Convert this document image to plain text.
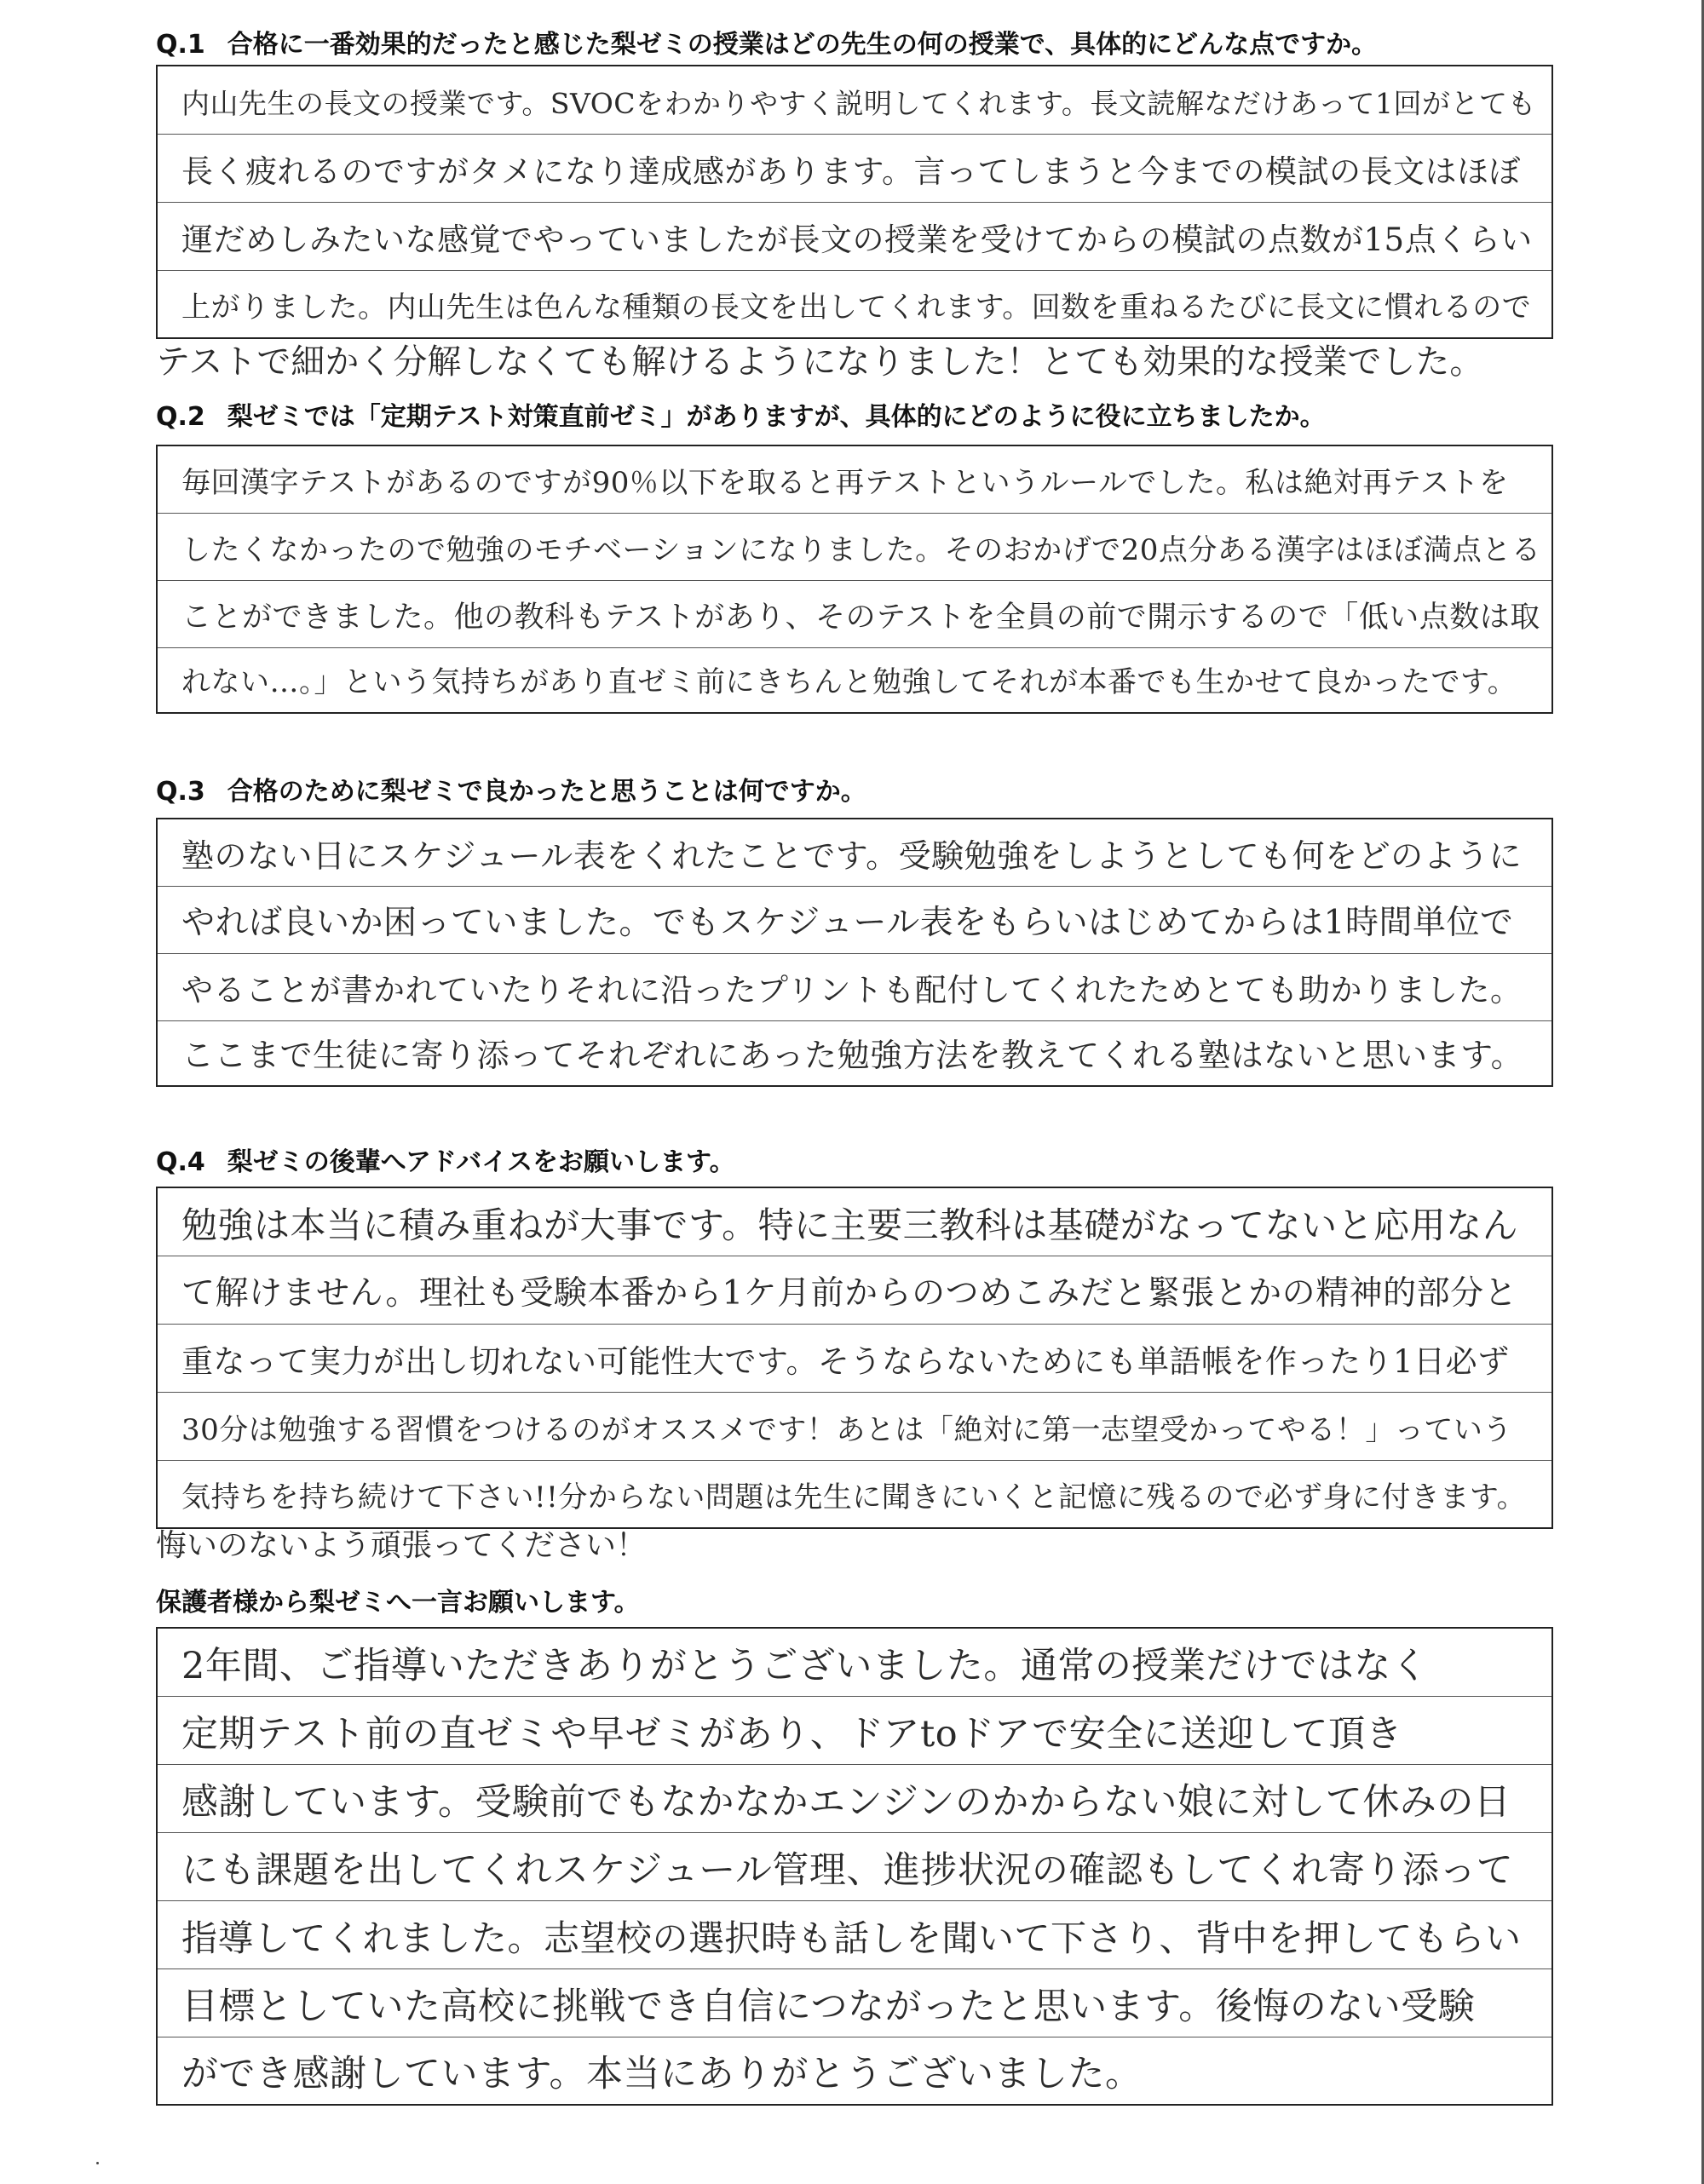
Q.1 合格に一番効果的だったと感じた梨ゼミの授業はどの先生の何の授業で、具体的にどんな点ですか。
内山先生の長文の授業です。SVOCをわかりやすく説明してくれます。長文読解なだけあって1回がとても
長く疲れるのですがタメになり達成感があります。言ってしまうと今までの模試の長文はほぼ
運だめしみたいな感覚でやっていましたが長文の授業を受けてからの模試の点数が15点くらい
上がりました。内山先生は色んな種類の長文を出してくれます。回数を重ねるたびに長文に慣れるので
テストで細かく分解しなくても解けるようになりました！とても効果的な授業でした。
Q.2 梨ゼミでは「定期テスト対策直前ゼミ」がありますが、具体的にどのように役に立ちましたか。
毎回漢字テストがあるのですが90％以下を取ると再テストというルールでした。私は絶対再テストを
したくなかったので勉強のモチベーションになりました。そのおかげで20点分ある漢字はほぼ満点とる
ことができました。他の教科もテストがあり、そのテストを全員の前で開示するので「低い点数は取
れない…。」という気持ちがあり直ゼミ前にきちんと勉強してそれが本番でも生かせて良かったです。
Q.3 合格のために梨ゼミで良かったと思うことは何ですか。
塾のない日にスケジュール表をくれたことです。受験勉強をしようとしても何をどのように
やれば良いか困っていました。でもスケジュール表をもらいはじめてからは1時間単位で
やることが書かれていたりそれに沿ったプリントも配付してくれたためとても助かりました。
ここまで生徒に寄り添ってそれぞれにあった勉強方法を教えてくれる塾はないと思います。
Q.4 梨ゼミの後輩へアドバイスをお願いします。
勉強は本当に積み重ねが大事です。特に主要三教科は基礎がなってないと応用なん
て解けません。理社も受験本番から1ケ月前からのつめこみだと緊張とかの精神的部分と
重なって実力が出し切れない可能性大です。そうならないためにも単語帳を作ったり1日必ず
30分は勉強する習慣をつけるのがオススメです！あとは「絶対に第一志望受かってやる！」っていう
気持ちを持ち続けて下さい!!分からない問題は先生に聞きにいくと記憶に残るので必ず身に付きます。
悔いのないよう頑張ってください！
保護者様から梨ゼミへ一言お願いします。
2年間、ご指導いただきありがとうございました。通常の授業だけではなく
定期テスト前の直ゼミや早ゼミがあり、ドアtoドアで安全に送迎して頂き
感謝しています。受験前でもなかなかエンジンのかからない娘に対して休みの日
にも課題を出してくれスケジュール管理、進捗状況の確認もしてくれ寄り添って
指導してくれました。志望校の選択時も話しを聞いて下さり、背中を押してもらい
目標としていた高校に挑戦でき自信につながったと思います。後悔のない受験
ができ感謝しています。本当にありがとうございました。
